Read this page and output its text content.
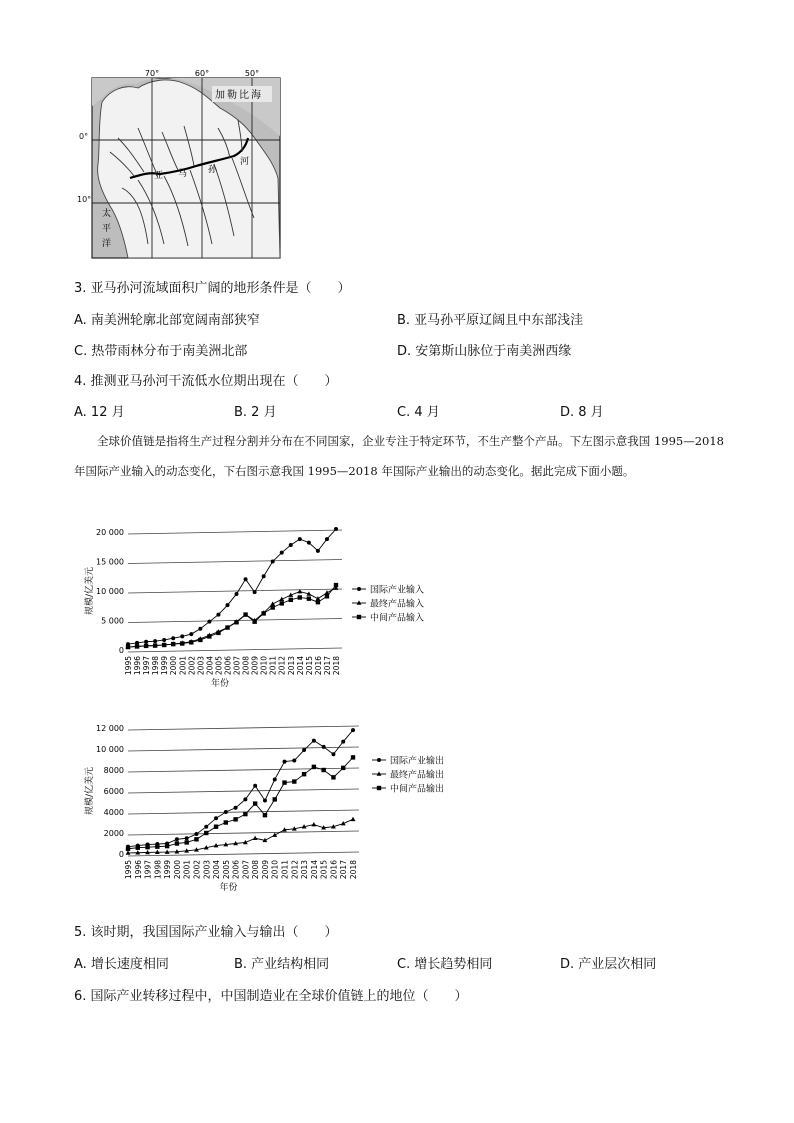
70°	60°	50°
加勒比海
太
平
洋
亚 马 孙
河
0°
10°
3. 亚马孙河流域面积广阔的地形条件是（　　）
A. 南美洲轮廓北部宽阔南部狭窄	B. 亚马孙平原辽阔且中东部浅洼
C. 热带雨林分布于南美洲北部	D. 安第斯山脉位于南美洲西缘
4. 推测亚马孙河干流低水位期出现在（　　）
A. 12 月	B. 2 月	C. 4 月	D. 8 月
全球价值链是指将生产过程分割并分布在不同国家，企业专注于特定环节，不生产整个产品。下左图示意我国 1995—2018 年国际产业输入的动态变化，下右图示意我国 1995—2018 年国际产业输出的动态变化。据此完成下面小题。
0
5 000
10 000
15 000
20 000
1995 1996 1997 1998 1999 2000 2001 2002 2003 2004 2005 2006 2007 2008 2009 2010 2011 2012 2013 2014 2015 2016 2017 2018
规模/亿美元
年份
国际产业输入
最终产品输入
中间产品输入
0
2000
4000
6000
8000
10 000
12 000
1995 1996 1997 1998 1999 2000 2001 2002 2003 2004 2005 2006 2007 2008 2009 2010 2011 2012 2013 2014 2015 2016 2017 2018
规模/亿美元
年份
国际产业输出
最终产品输出
中间产品输出
5. 该时期，我国国际产业输入与输出（　　）
A. 增长速度相同	B. 产业结构相同	C. 增长趋势相同	D. 产业层次相同
6. 国际产业转移过程中，中国制造业在全球价值链上的地位（　　）
